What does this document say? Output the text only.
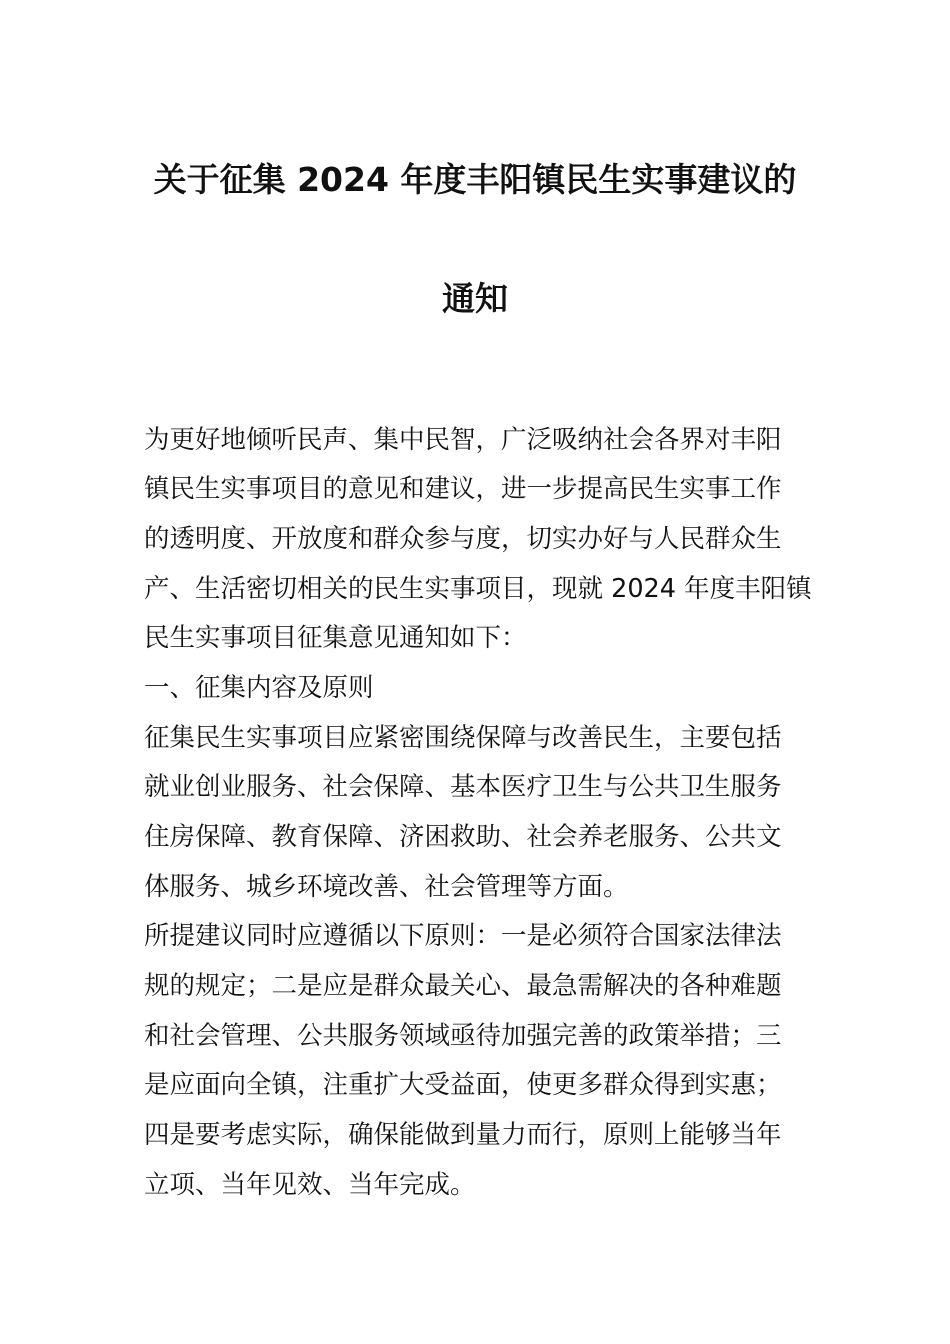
关于征集 2024 年度丰阳镇民生实事建议的
通知
为更好地倾听民声、集中民智，广泛吸纳社会各界对丰阳
镇民生实事项目的意见和建议，进一步提高民生实事工作
的透明度、开放度和群众参与度，切实办好与人民群众生
产、生活密切相关的民生实事项目，现就 2024 年度丰阳镇
民生实事项目征集意见通知如下：
一、征集内容及原则
征集民生实事项目应紧密围绕保障与改善民生，主要包括
就业创业服务、社会保障、基本医疗卫生与公共卫生服务
住房保障、教育保障、济困救助、社会养老服务、公共文
体服务、城乡环境改善、社会管理等方面。
所提建议同时应遵循以下原则：一是必须符合国家法律法
规的规定；二是应是群众最关心、最急需解决的各种难题
和社会管理、公共服务领域亟待加强完善的政策举措；三
是应面向全镇，注重扩大受益面，使更多群众得到实惠；
四是要考虑实际，确保能做到量力而行，原则上能够当年
立项、当年见效、当年完成。
